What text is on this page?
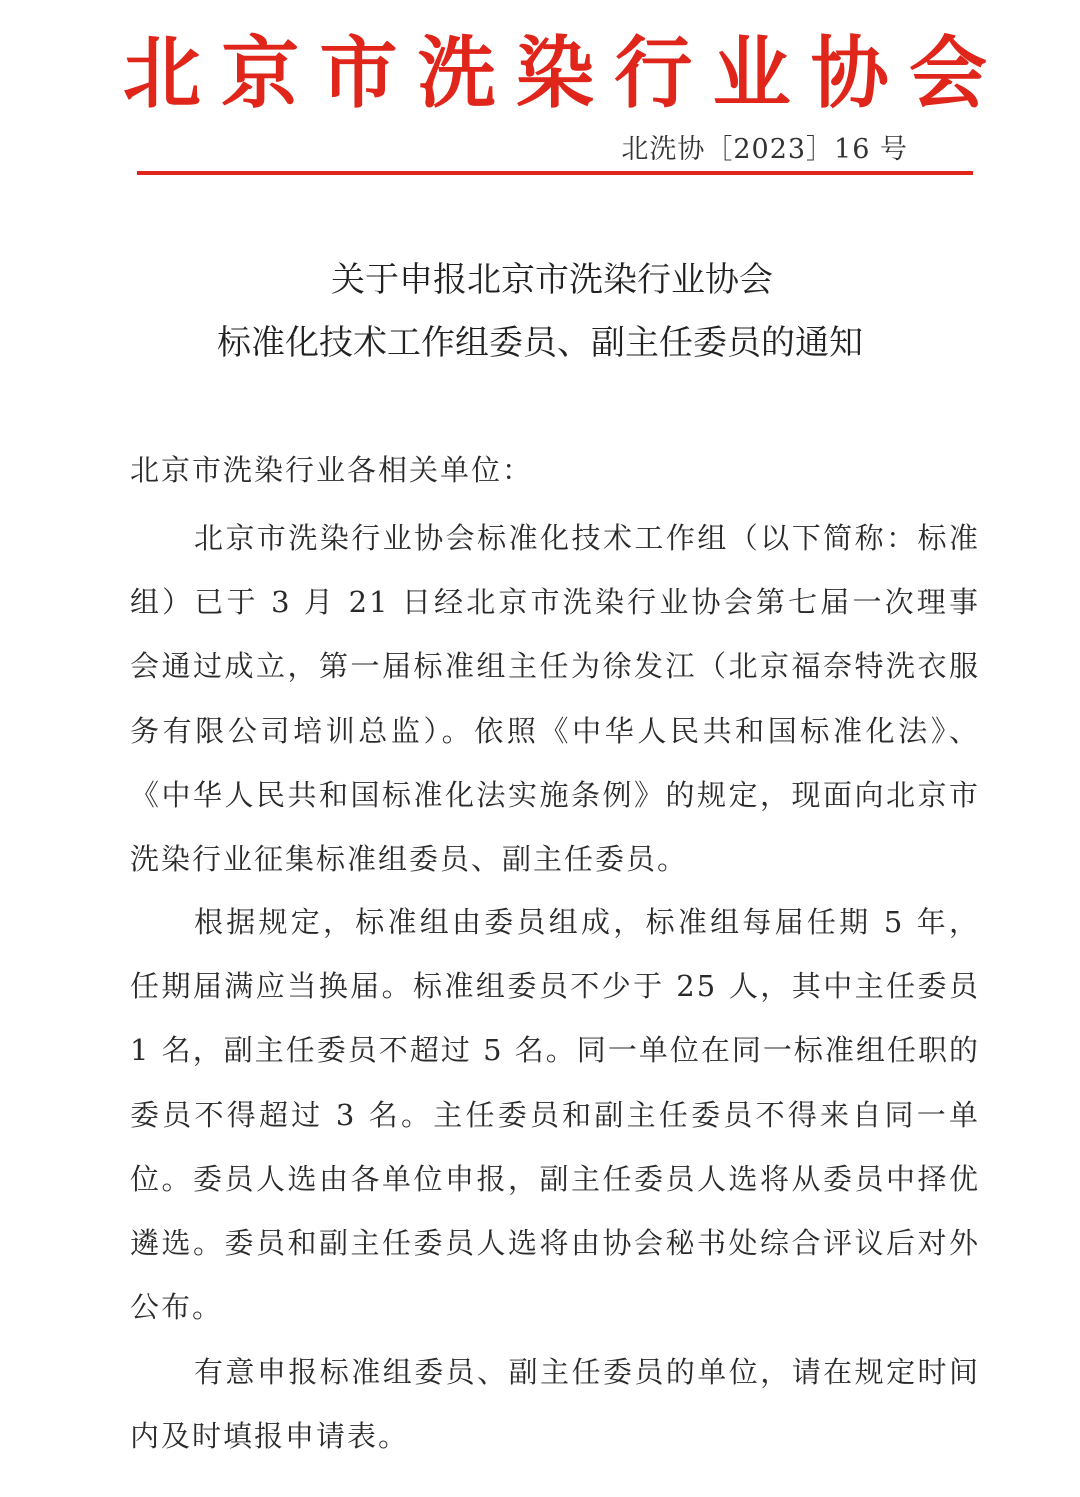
北 京 市 洗 染 行 业 协 会
北洗协［2023］16 号
关于申报北京市洗染行业协会
标准化技术工作组委员、副主任委员的通知
北京市洗染行业各相关单位：

北京市洗染行业协会标准化技术工作组（以下简称：标准组）已于 3 月 21 日经北京市洗染行业协会第七届一次理事会通过成立，第一届标准组主任为徐发江（北京福奈特洗衣服务有限公司培训总监）。依照《中华人民共和国标准化法》、《中华人民共和国标准化法实施条例》的规定，现面向北京市洗染行业征集标准组委员、副主任委员。

根据规定，标准组由委员组成，标准组每届任期 5 年，任期届满应当换届。标准组委员不少于 25 人，其中主任委员 1 名，副主任委员不超过 5 名。同一单位在同一标准组任职的委员不得超过 3 名。主任委员和副主任委员不得来自同一单位。委员人选由各单位申报，副主任委员人选将从委员中择优遴选。委员和副主任委员人选将由协会秘书处综合评议后对外公布。

有意申报标准组委员、副主任委员的单位，请在规定时间内及时填报申请表。
